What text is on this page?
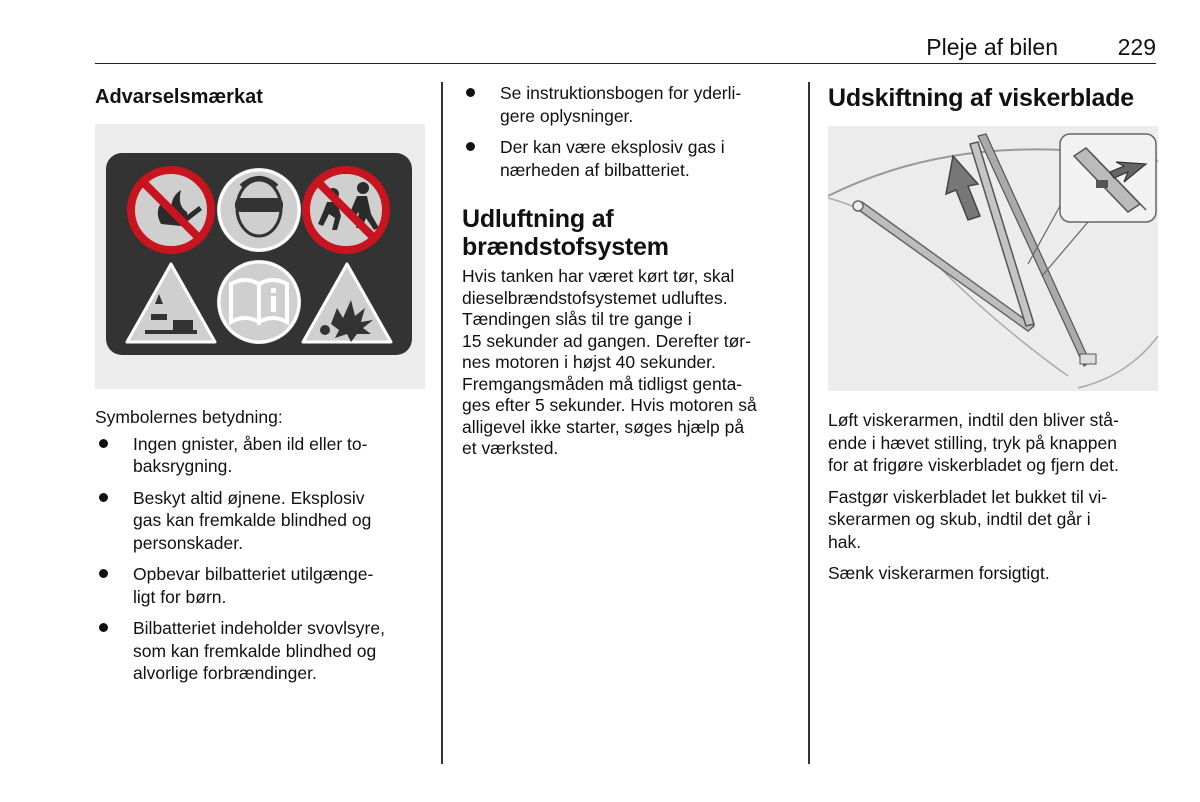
Pleje af bilen	229
Advarselsmærkat

Symbolernes betydning:

Ingen gnister, åben ild eller to-
baksrygning.
Beskyt altid øjnene. Eksplosiv
gas kan fremkalde blindhed og
personskader.
Opbevar bilbatteriet utilgænge-
ligt for børn.
Bilbatteriet indeholder svovlsyre,
som kan fremkalde blindhed og
alvorlige forbrændinger.
Se instruktionsbogen for yderli-
gere oplysninger.
Der kan være eksplosiv gas i
nærheden af bilbatteriet.
Udluftning af
brændstofsystem

Hvis tanken har været kørt tør, skal
dieselbrændstofsystemet udluftes.
Tændingen slås til tre gange i
15 sekunder ad gangen. Derefter tør-
nes motoren i højst 40 sekunder.
Fremgangsmåden må tidligst genta-
ges efter 5 sekunder. Hvis motoren så
alligevel ikke starter, søges hjælp på
et værksted.

Udskiftning af viskerblade

Løft viskerarmen, indtil den bliver stå-
ende i hævet stilling, tryk på knappen
for at frigøre viskerbladet og fjern det.

Fastgør viskerbladet let bukket til vi-
skerarmen og skub, indtil det går i
hak.

Sænk viskerarmen forsigtigt.
